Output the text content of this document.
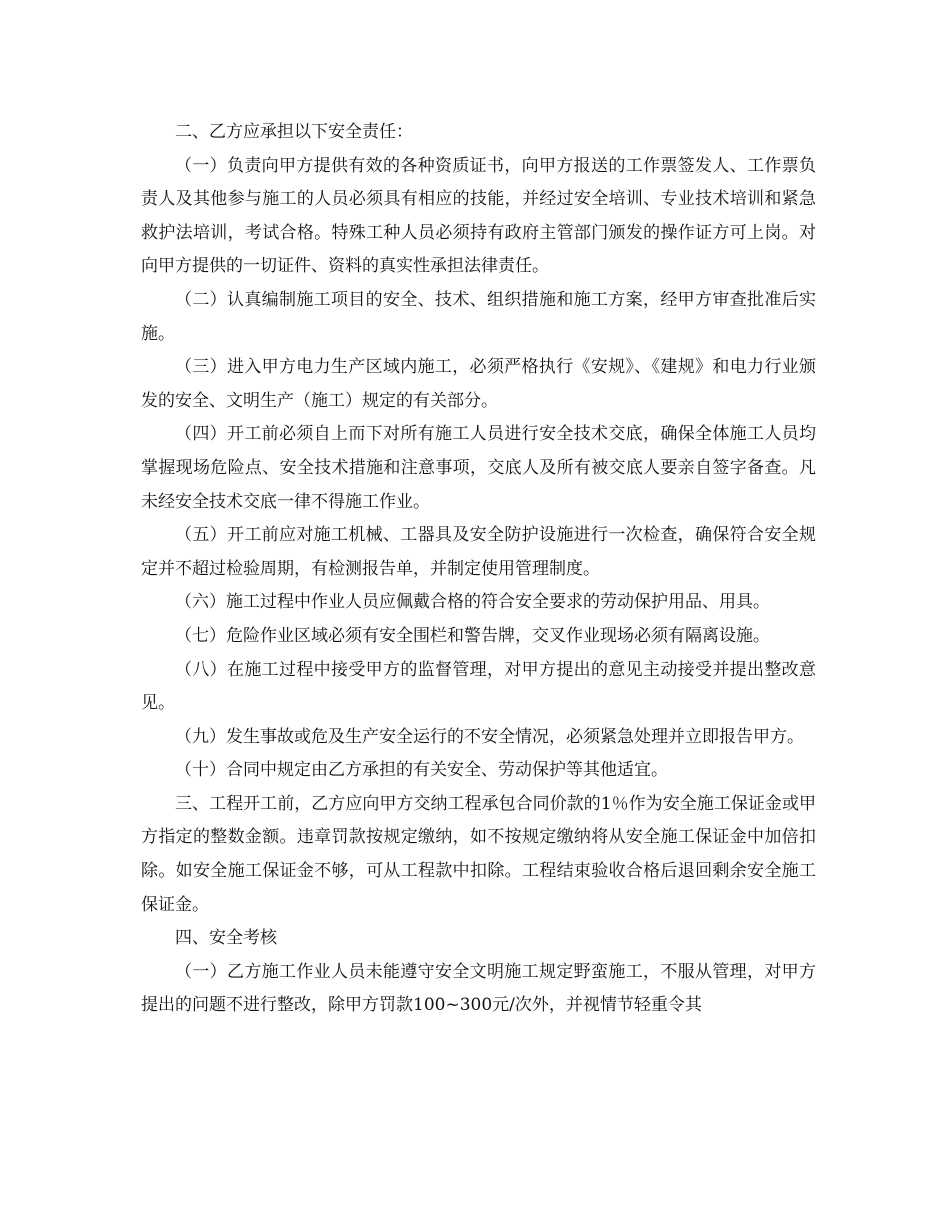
二、乙方应承担以下安全责任：

（一）负责向甲方提供有效的各种资质证书，向甲方报送的工作票签发人、工作票负责人及其他参与施工的人员必须具有相应的技能，并经过安全培训、专业技术培训和紧急救护法培训，考试合格。特殊工种人员必须持有政府主管部门颁发的操作证方可上岗。对向甲方提供的一切证件、资料的真实性承担法律责任。

（二）认真编制施工项目的安全、技术、组织措施和施工方案，经甲方审查批准后实施。

（三）进入甲方电力生产区域内施工，必须严格执行《安规》、《建规》和电力行业颁发的安全、文明生产（施工）规定的有关部分。

（四）开工前必须自上而下对所有施工人员进行安全技术交底，确保全体施工人员均掌握现场危险点、安全技术措施和注意事项，交底人及所有被交底人要亲自签字备查。凡未经安全技术交底一律不得施工作业。

（五）开工前应对施工机械、工器具及安全防护设施进行一次检查，确保符合安全规定并不超过检验周期，有检测报告单，并制定使用管理制度。

（六）施工过程中作业人员应佩戴合格的符合安全要求的劳动保护用品、用具。

（七）危险作业区域必须有安全围栏和警告牌，交叉作业现场必须有隔离设施。

（八）在施工过程中接受甲方的监督管理，对甲方提出的意见主动接受并提出整改意见。

（九）发生事故或危及生产安全运行的不安全情况，必须紧急处理并立即报告甲方。

（十）合同中规定由乙方承担的有关安全、劳动保护等其他适宜。

三、工程开工前，乙方应向甲方交纳工程承包合同价款的1％作为安全施工保证金或甲方指定的整数金额。违章罚款按规定缴纳，如不按规定缴纳将从安全施工保证金中加倍扣除。如安全施工保证金不够，可从工程款中扣除。工程结束验收合格后退回剩余安全施工保证金。

四、安全考核

（一）乙方施工作业人员未能遵守安全文明施工规定野蛮施工，不服从管理，对甲方提出的问题不进行整改，除甲方罚款100~300元/次外，并视情节轻重令其
